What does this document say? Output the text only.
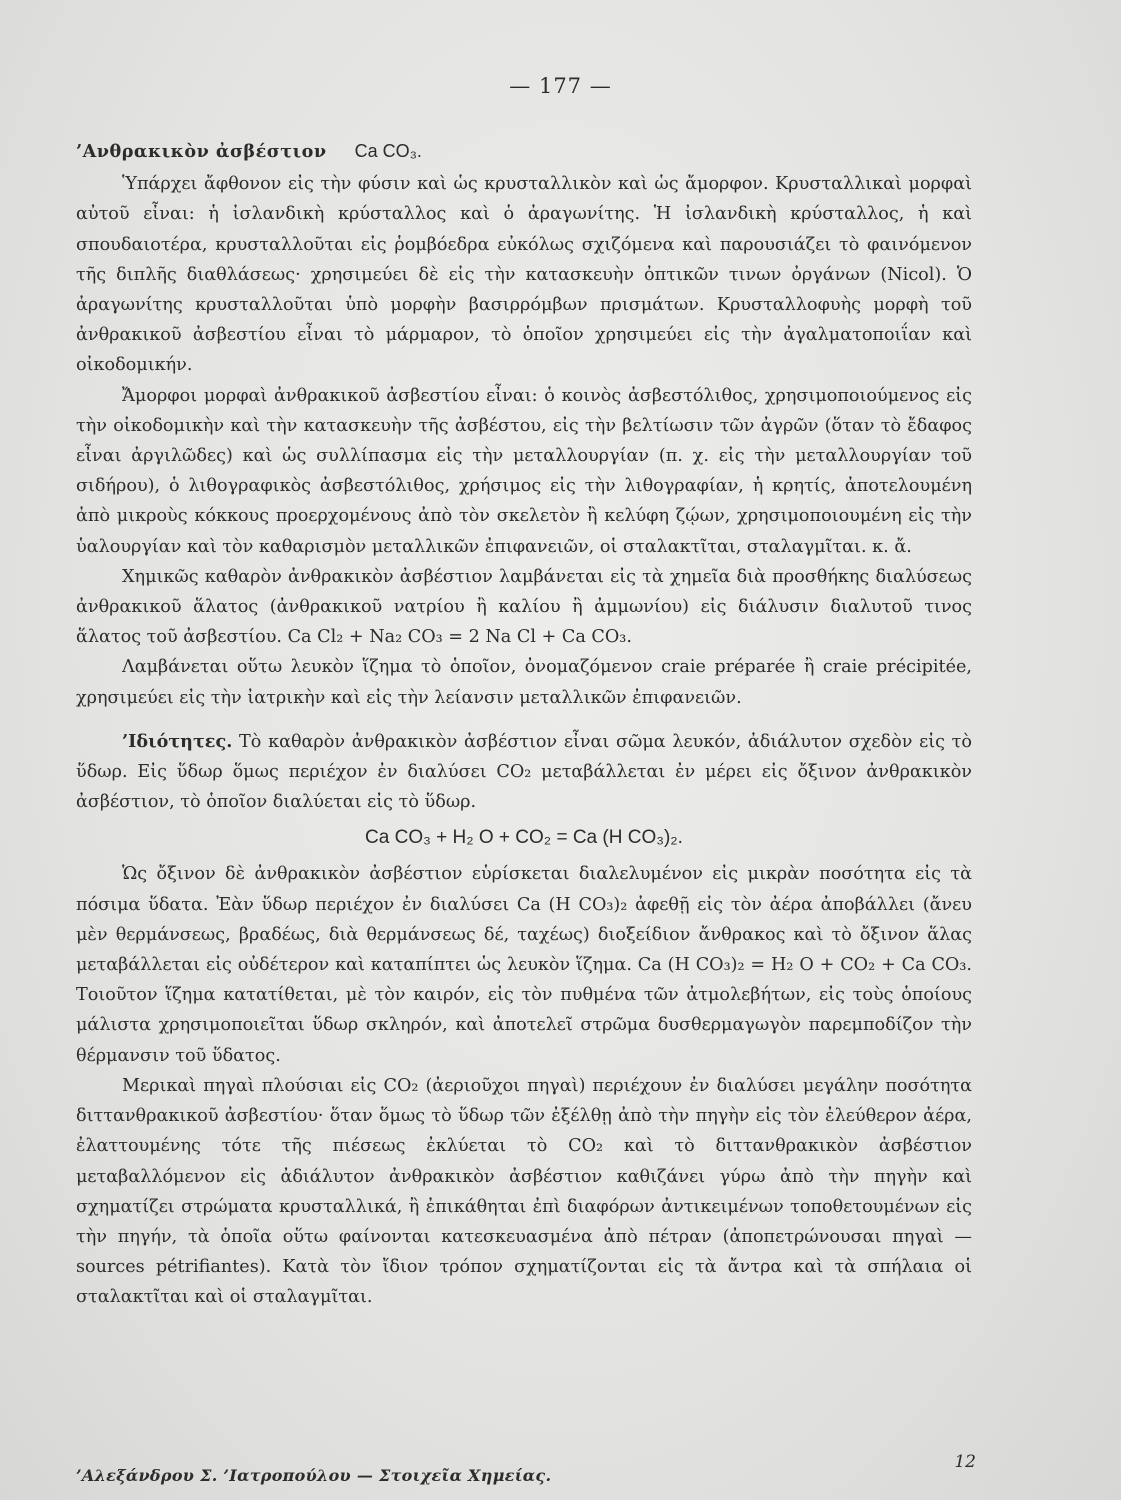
— 177 —
’Ανθρακικὸν ἀσβέστιον Ca CO₃.

Ὑπάρχει ἄφθονον εἰς τὴν φύσιν καὶ ὡς κρυσταλλικὸν καὶ ὡς ἄμορφον. Κρυσταλλικαὶ μορφαὶ αὐτοῦ εἶναι: ἡ ἰσλανδικὴ κρύσταλλος καὶ ὁ ἀραγωνίτης. Ἡ ἰσλανδικὴ κρύσταλλος, ἡ καὶ σπουδαιοτέρα, κρυσταλλοῦται εἰς ῥομβόεδρα εὐκόλως σχιζόμενα καὶ παρουσιάζει τὸ φαινόμενον τῆς διπλῆς διαθλάσεως· χρησιμεύει δὲ εἰς τὴν κατασκευὴν ὀπτικῶν τινων ὀργάνων (Nicol). Ὁ ἀραγωνίτης κρυσταλλοῦται ὑπὸ μορφὴν βασιρρόμβων πρισμάτων. Κρυσταλλοφυὴς μορφὴ τοῦ ἀνθρακικοῦ ἀσβεστίου εἶναι τὸ μάρμαρον, τὸ ὁποῖον χρησιμεύει εἰς τὴν ἀγαλματοποιΐαν καὶ οἰκοδομικήν.

Ἄμορφοι μορφαὶ ἀνθρακικοῦ ἀσβεστίου εἶναι: ὁ κοινὸς ἀσβεστόλιθος, χρησιμοποιούμενος εἰς τὴν οἰκοδομικὴν καὶ τὴν κατασκευὴν τῆς ἀσβέστου, εἰς τὴν βελτίωσιν τῶν ἀγρῶν (ὅταν τὸ ἔδαφος εἶναι ἀργιλῶδες) καὶ ὡς συλλίπασμα εἰς τὴν μεταλλουργίαν (π. χ. εἰς τὴν μεταλλουργίαν τοῦ σιδήρου), ὁ λιθογραφικὸς ἀσβεστόλιθος, χρήσιμος εἰς τὴν λιθογραφίαν, ἡ κρητίς, ἀποτελουμένη ἀπὸ μικροὺς κόκκους προερχομένους ἀπὸ τὸν σκελετὸν ἢ κελύφη ζῴων, χρησιμοποιουμένη εἰς τὴν ὑαλουργίαν καὶ τὸν καθαρισμὸν μεταλλικῶν ἐπιφανειῶν, οἱ σταλακτῖται, σταλαγμῖται. κ. ἄ.

Χημικῶς καθαρὸν ἀνθρακικὸν ἀσβέστιον λαμβάνεται εἰς τὰ χημεῖα διὰ προσθήκης διαλύσεως ἀνθρακικοῦ ἅλατος (ἀνθρακικοῦ νατρίου ἢ καλίου ἢ ἀμμωνίου) εἰς διάλυσιν διαλυτοῦ τινος ἅλατος τοῦ ἀσβεστίου. Ca Cl₂ + Na₂ CO₃ = 2 Na Cl + Ca CO₃.

Λαμβάνεται οὕτω λευκὸν ἵζημα τὸ ὁποῖον, ὀνομαζόμενον craie préparée ἢ craie précipitée, χρησιμεύει εἰς τὴν ἰατρικὴν καὶ εἰς τὴν λείανσιν μεταλλικῶν ἐπιφανειῶν.

’Ιδιότητες. Τὸ καθαρὸν ἀνθρακικὸν ἀσβέστιον εἶναι σῶμα λευκόν, ἀδιάλυτον σχεδὸν εἰς τὸ ὕδωρ. Εἰς ὕδωρ ὅμως περιέχον ἐν διαλύσει CO₂ μεταβάλλεται ἐν μέρει εἰς ὄξινον ἀνθρακικὸν ἀσβέστιον, τὸ ὁποῖον διαλύεται εἰς τὸ ὕδωρ.

Ca CO₃ + H₂ O + CO₂ = Ca (H CO₃)₂.

Ὡς ὄξινον δὲ ἀνθρακικὸν ἀσβέστιον εὑρίσκεται διαλελυμένον εἰς μικρὰν ποσότητα εἰς τὰ πόσιμα ὕδατα. Ἐὰν ὕδωρ περιέχον ἐν διαλύσει Ca (H CO₃)₂ ἀφεθῇ εἰς τὸν ἀέρα ἀποβάλλει (ἄνευ μὲν θερμάνσεως, βραδέως, διὰ θερμάνσεως δέ, ταχέως) διοξείδιον ἄνθρακος καὶ τὸ ὄξινον ἅλας μεταβάλλεται εἰς οὐδέτερον καὶ καταπίπτει ὡς λευκὸν ἵζημα. Ca (H CO₃)₂ = H₂ O + CO₂ + Ca CO₃. Τοιοῦτον ἵζημα κατατίθεται, μὲ τὸν καιρόν, εἰς τὸν πυθμένα τῶν ἀτμολεβήτων, εἰς τοὺς ὁποίους μάλιστα χρησιμοποιεῖται ὕδωρ σκληρόν, καὶ ἀποτελεῖ στρῶμα δυσθερμαγωγὸν παρεμποδίζον τὴν θέρμανσιν τοῦ ὕδατος.

Μερικαὶ πηγαὶ πλούσιαι εἰς CO₂ (ἀεριοῦχοι πηγαὶ) περιέχουν ἐν διαλύσει μεγάλην ποσότητα διττανθρακικοῦ ἀσβεστίου· ὅταν ὅμως τὸ ὕδωρ τῶν ἐξέλθῃ ἀπὸ τὴν πηγὴν εἰς τὸν ἐλεύθερον ἀέρα, ἐλαττουμένης τότε τῆς πιέσεως ἐκλύεται τὸ CO₂ καὶ τὸ διττανθρακικὸν ἀσβέστιον μεταβαλλόμενον εἰς ἀδιάλυτον ἀνθρακικὸν ἀσβέστιον καθιζάνει γύρω ἀπὸ τὴν πηγὴν καὶ σχηματίζει στρώματα κρυσταλλικά, ἢ ἐπικάθηται ἐπὶ διαφόρων ἀντικειμένων τοποθετουμένων εἰς τὴν πηγήν, τὰ ὁποῖα οὕτω φαίνονται κατεσκευασμένα ἀπὸ πέτραν (ἀποπετρώνουσαι πηγαὶ — sources pétrifiantes). Κατὰ τὸν ἴδιον τρόπον σχηματίζονται εἰς τὰ ἄντρα καὶ τὰ σπήλαια οἱ σταλακτῖται καὶ οἱ σταλαγμῖται.

12
’Αλεξάνδρου Σ. ’Ιατροπούλου — Στοιχεῖα Χημείας.
